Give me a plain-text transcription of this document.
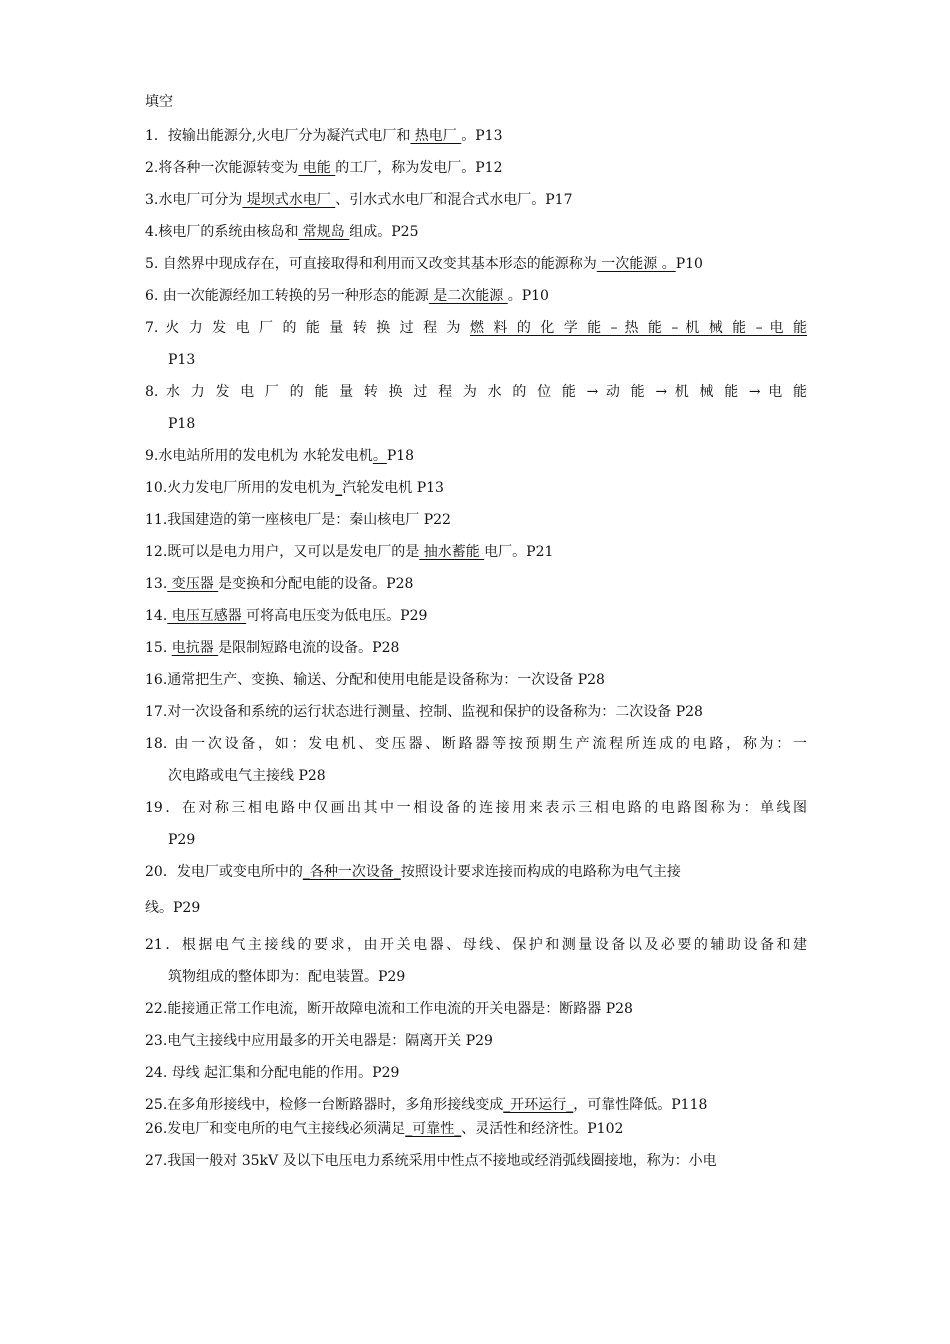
填空
1．按输出能源分,火电厂分为凝汽式电厂和 热电厂 。P13
2.将各种一次能源转变为 电能 的工厂，称为发电厂。P12
3.水电厂可分为 堤坝式水电厂 、引水式水电厂和混合式水电厂。P17
4.核电厂的系统由核岛和 常规岛 组成。P25
5. 自然界中现成存在，可直接取得和利用而又改变其基本形态的能源称为 一次能源 。P10
6. 由一次能源经加工转换的另一种形态的能源 是二次能源 。P10
7. 火 力 发 电 厂 的 能 量 转 换 过 程 为 燃 料 的 化 学 能 – 热 能 – 机 械 能 – 电 能
P13
8. 水 力 发 电 厂 的 能 量 转 换 过 程 为 水 的 位 能 → 动 能 → 机 械 能 → 电 能
P18
9.水电站所用的发电机为 水轮发电机。P18
10.火力发电厂所用的发电机为_汽轮发电机 P13
11.我国建造的第一座核电厂是：秦山核电厂 P22
12.既可以是电力用户，又可以是发电厂的是 抽水蓄能 电厂。P21
13. 变压器 是变换和分配电能的设备。P28
14. 电压互感器 可将高电压变为低电压。P29
15. 电抗器 是限制短路电流的设备。P28
16.通常把生产、变换、输送、分配和使用电能是设备称为：一次设备 P28
17.对一次设备和系统的运行状态进行测量、控制、监视和保护的设备称为：二次设备 P28
18. 由一次设备，如：发电机、变压器、断路器等按预期生产流程所连成的电路，称为：一
次电路或电气主接线 P28
19．在对称三相电路中仅画出其中一相设备的连接用来表示三相电路的电路图称为：单线图
P29
20．发电厂或变电所中的_各种一次设备_按照设计要求连接而构成的电路称为电气主接
线。P29
21．根据电气主接线的要求，由开关电器、母线、保护和测量设备以及必要的辅助设备和建
筑物组成的整体即为：配电装置。P29
22.能接通正常工作电流，断开故障电流和工作电流的开关电器是：断路器 P28
23.电气主接线中应用最多的开关电器是：隔离开关 P29
24. 母线 起汇集和分配电能的作用。P29
25.在多角形接线中，检修一台断路器时，多角形接线变成_开环运行_，可靠性降低。P118
26.发电厂和变电所的电气主接线必须满足_可靠性_、灵活性和经济性。P102
27.我国一般对 35kV 及以下电压电力系统采用中性点不接地或经消弧线圈接地，称为：小电
